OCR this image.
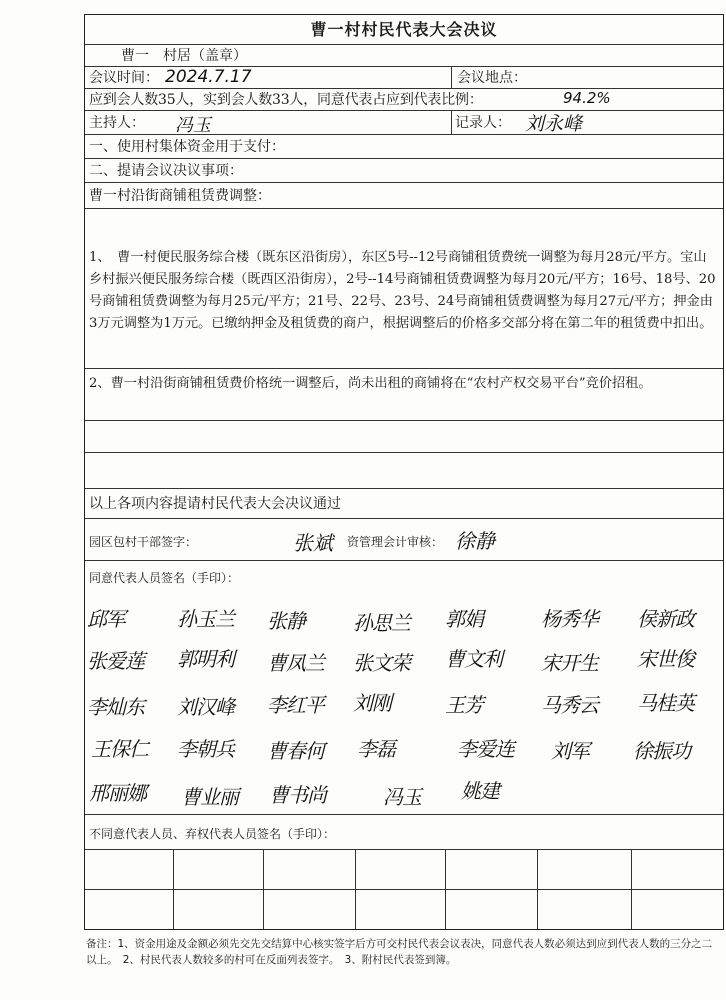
曹一村村民代表大会决议
曹一　村居（盖章）
会议时间： 2024.7.17	会议地点：
应到会人数35人，实到会人数33人，同意代表占应到代表比例：	94.2%
主持人： 冯玉	记录人： 刘永峰
一、使用村集体资金用于支付：
二、提请会议决议事项：
曹一村沿街商铺租赁费调整：
1、　曹一村便民服务综合楼（既东区沿街房），东区5号--12号商铺租赁费统一调整为每月28元/平方。宝山乡村振兴便民服务综合楼（既西区沿街房），2号--14号商铺租赁费调整为每月20元/平方；16号、18号、20号商铺租赁费调整为每月25元/平方；21号、22号、23号、24号商铺租赁费调整为每月27元/平方；押金由3万元调整为1万元。已缴纳押金及租赁费的商户，根据调整后的价格多交部分将在第二年的租赁费中扣出。
2、曹一村沿街商铺租赁费价格统一调整后，尚未出租的商铺将在“农村产权交易平台”竞价招租。
以上各项内容提请村民代表大会决议通过
园区包村干部签字：	张斌 资管理会计审核： 徐静
同意代表人员签名（手印）：
邱军	孙玉兰 张静 孙思兰 郭娟	杨秀华 侯新政
张爱莲 郭明利 曹凤兰 张文荣 曹文利 宋开生 宋世俊
李灿东 刘汉峰 李红平 刘刚	王芳	马秀云 马桂英
王保仁 李朝兵 曹春何 李磊	李爱连 刘军 徐振功
邢丽娜 曹业丽 曹书尚	冯玉 姚建
不同意代表人员、弃权代表人员签名（手印）：
备注：1、资金用途及金额必须先交先交结算中心核实签字后方可交村民代表会议表决，同意代表人数必须达到应到代表人数的三分之二以上。　2、村民代表人数较多的村可在反面列表签字。　3、附村民代表签到簿。
